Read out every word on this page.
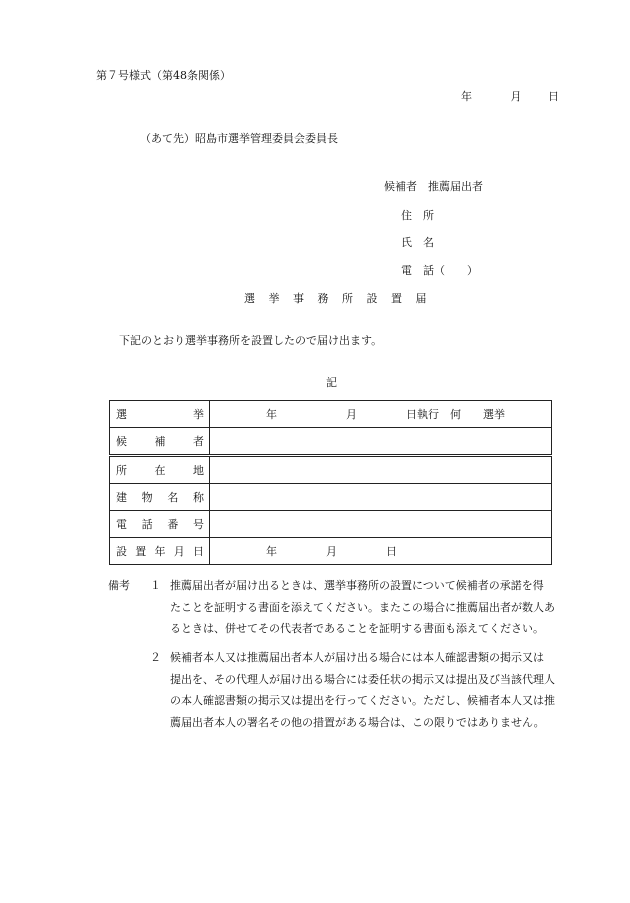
第７号様式（第48条関係）
年	月 日
（あて先）昭島市選挙管理委員会委員長
候補者　推薦届出者
住　所
氏　名
電　話（　　）
選 挙 事 務 所 設 置 届
下記のとおり選挙事務所を設置したので届け出ます。
記
選 挙	年 月 日執行　何　　選挙

候 補 者	

所 在 地	

建 物 名 称	

電 話 番 号	

設 置 年 月 日	年 月 日
備考 １ 推薦届出者が届け出るときは、選挙事務所の設置について候補者の承諾を得
たことを証明する書面を添えてください。またこの場合に推薦届出者が数人あ
るときは、併せてその代表者であることを証明する書面も添えてください。
２ 候補者本人又は推薦届出者本人が届け出る場合には本人確認書類の掲示又は
提出を、その代理人が届け出る場合には委任状の掲示又は提出及び当該代理人
の本人確認書類の掲示又は提出を行ってください。ただし、候補者本人又は推
薦届出者本人の署名その他の措置がある場合は、この限りではありません。
